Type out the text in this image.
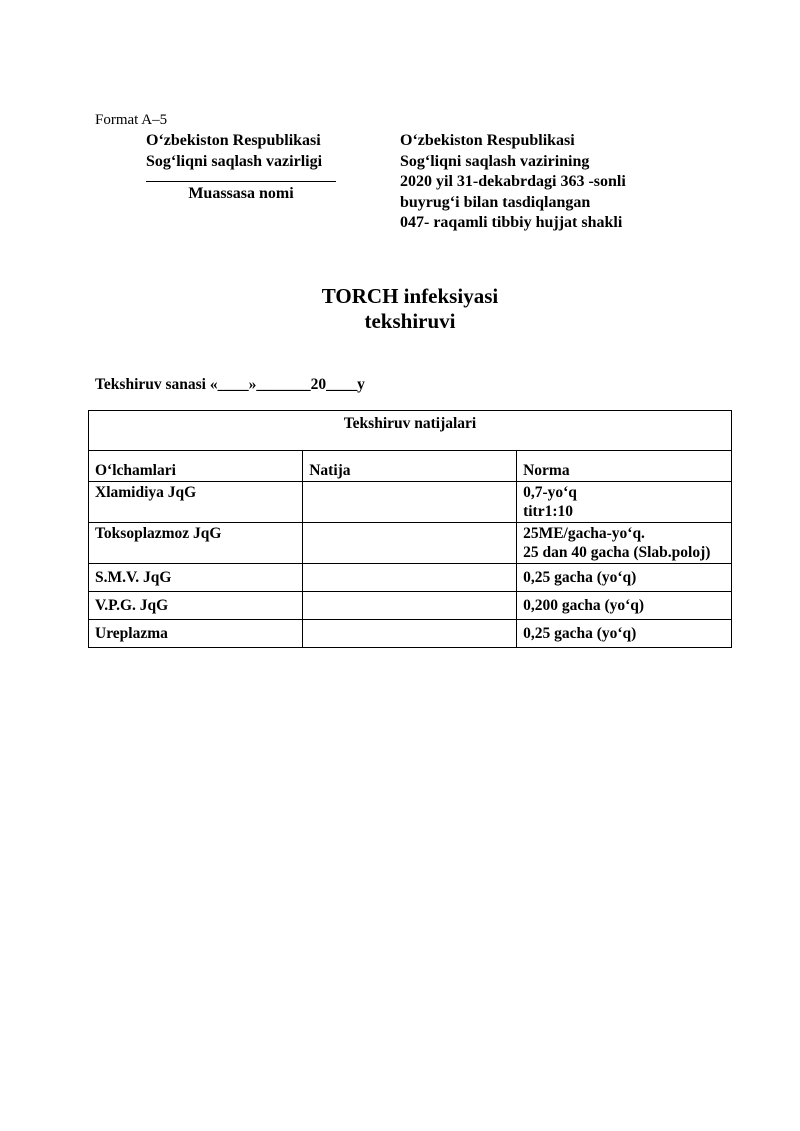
Format A–5
O‘zbekiston Respublikasi
Sog‘liqni saqlash vazirligi
Muassasa nomi
O‘zbekiston Respublikasi
Sog‘liqni saqlash vazirining
2020 yil 31-dekabrdagi 363 -sonli
buyrug‘i bilan tasdiqlangan
047- raqamli tibbiy hujjat shakli
TORCH infeksiyasi
tekshiruvi
Tekshiruv sanasi «____»_______20____y
Tekshiruv natijalari		
O‘lchamlari	Natija	Norma
Xlamidiya JqG		0,7-yo‘q
titr1:10

Toksoplazmoz JqG		25ME/gacha-yo‘q.
25 dan 40 gacha (Slab.poloj)

S.M.V. JqG		0,25 gacha (yo‘q)
V.P.G. JqG		0,200 gacha (yo‘q)
Ureplazma		0,25 gacha (yo‘q)
